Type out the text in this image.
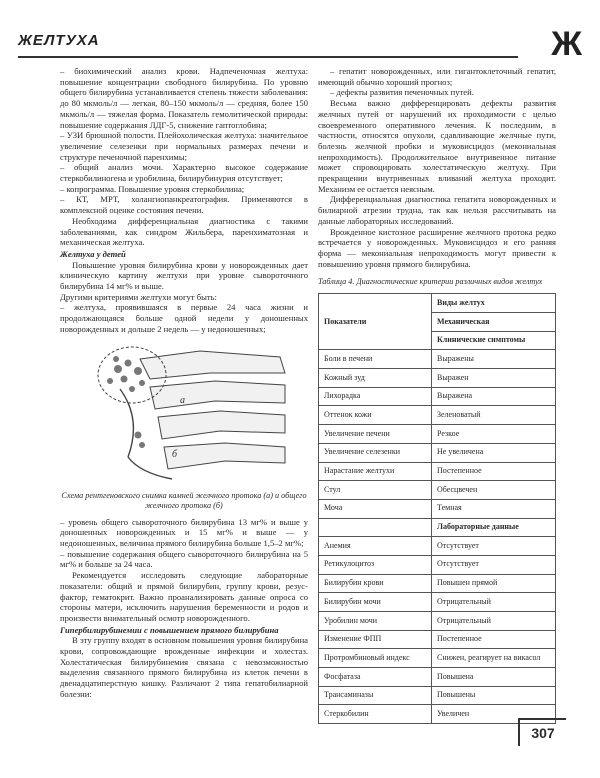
ЖЕЛТУХА	Ж

– биохимический анализ крови. Надпеченочная желтуха: повышение концентрации свободного билирубина. По уровню общего билирубина устанавливается степень тяжести заболевания: до 80 мкмоль/л — легкая, 80–150 мкмоль/л — средняя, более 150 мкмоль/л — тяжелая форма. Показатель гемолитической природы: повышение содержания ЛДГ-5, снижение гаптоглобина;

– УЗИ брюшной полости. Плейохолическая желтуха: значительное увеличение селезенки при нормальных размерах печени и структуре печеночной паренхимы;

– общий анализ мочи. Характерно высокое содержание стеркобилиногена и уробилина, билирубинурия отсутствует;

– копрограмма. Повышение уровня стеркобилина;

– КТ, МРТ, холангиопанкреатография. Применяются в комплексной оценке состояния печени.

Необходима дифференциальная диагностика с такими заболеваниями, как синдром Жильбера, паренхиматозная и механическая желтуха.

Желтуха у детей

Повышение уровня билирубина крови у новорожденных дает клиническую картину желтухи при уровне сывороточного билирубина 14 мг% и выше.

Другими критериями желтухи могут быть:

– желтуха, проявившаяся в первые 24 часа жизни и продолжающаяся больше одной недели у доношенных новорожденных и дольше 2 недель — у недоношенных;

а
б
Схема рентгеновского снимка камней желчного протока (а) и общего желчного протока (б)

– уровень общего сывороточного билирубина 13 мг% и выше у доношенных новорожденных и 15 мг% и выше — у недоношенных, величина прямого билирубина больше 1,5–2 мг%;

– повышение содержания общего сывороточного билирубина на 5 мг% и больше за 24 часа.

Рекомендуется исследовать следующие лабораторные показатели: общий и прямой билирубин, группу крови, резус-фактор, гематокрит. Важно проанализировать данные опроса со стороны матери, исключить нарушения беременности и родов и произвести внимательный осмотр новорожденного.

Гипербилирубинемии с повышением прямого билирубина

В эту группу входят в основном повышения уровня билирубина крови, сопровождающие врожденные инфекции и холестаз. Холестатическая билирубинемия связана с невозможностью выделения связанного прямого билирубина из клеток печени в двенадцатиперстную кишку. Различают 2 типа гепатобилиарной болезни:

– гепатит новорожденных, или гигантоклеточный гепатит, имеющий обычно хороший прогноз;

– дефекты развития печеночных путей.

Весьма важно дифференцировать дефекты развития желчных путей от нарушений их проходимости с целью своевременного оперативного лечения. К последним, в частности, относятся опухоли, сдавливающие желчные пути, болезнь желчной пробки и муковисцидоз (мекониальная непроходимость). Продолжительное внутривенное питание может спровоцировать холестатическую желтуху. При прекращении внутривенных вливаний желтуха проходит. Механизм ее остается неясным.

Дифференциальная диагностика гепатита новорожденных и билиарной атрезии трудна, так как нельзя рассчитывать на данные лабораторных исследований.

Врожденное кистозное расширение желчного протока редко встречается у новорожденных. Муковисцидоз и его ранняя форма — мекониальная непроходимость могут привести к повышению уровня прямого билирубина.

Таблица 4. Диагностические критерии различных видов желтух
Показатели	Виды желтух
	Механическая
	Клинические симптомы
Боли в печени	Выражены
Кожный зуд	Выражен
Лихорадка	Выражена
Оттенок кожи	Зеленоватый
Увеличение печени	Резкое
Увеличение селезенки	Не увеличена
Нарастание желтухи	Постепенное
Стул	Обесцвечен
Моча	Темная
	Лабораторные данные
Анемия	Отсутствует
Ретикулоцитоз	Отсутствует
Билирубин крови	Повышен прямой
Билирубин мочи	Отрицательный
Уробилин мочи	Отрицательный
Изменение ФПП	Постепенное
Протромбиновый индекс	Снижен, реагирует на викасол
Фосфатаза	Повышена
Трансаминазы	Повышены
Стеркобилин	Увеличен
307
